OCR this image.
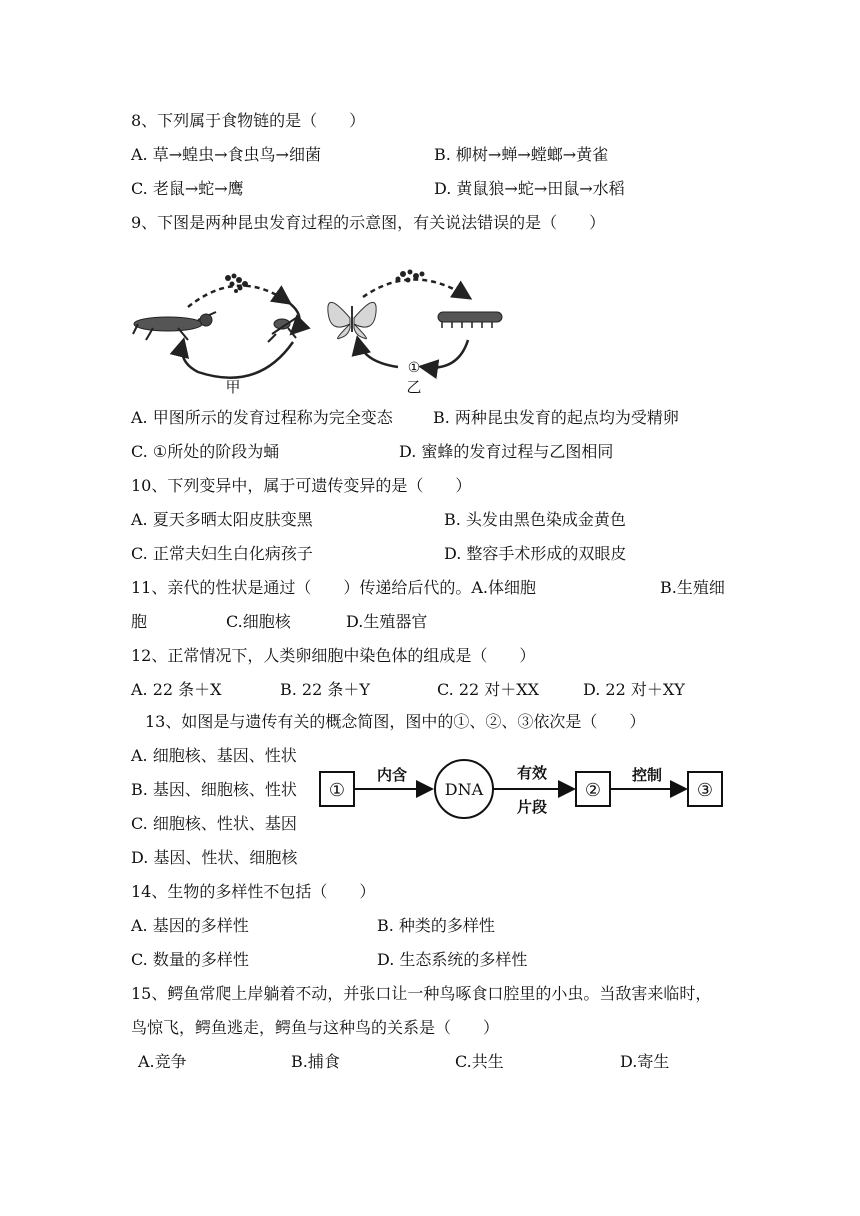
8、下列属于食物链的是（　　）
A. 草→蝗虫→食虫鸟→细菌	B. 柳树→蝉→螳螂→黄雀
C. 老鼠→蛇→鹰	D. 黄鼠狼→蛇→田鼠→水稻
9、下图是两种昆虫发育过程的示意图，有关说法错误的是（　　）
甲
①
乙
A. 甲图所示的发育过程称为完全变态	B. 两种昆虫发育的起点均为受精卵
C. ①所处的阶段为蛹	D. 蜜蜂的发育过程与乙图相同
10、下列变异中，属于可遗传变异的是（　　）
A. 夏天多晒太阳皮肤变黑	B. 头发由黑色染成金黄色
C. 正常夫妇生白化病孩子	D. 整容手术形成的双眼皮
11、亲代的性状是通过（　　）传递给后代的。A.体细胞	B.生殖细
胞	C.细胞核	D.生殖器官
12、正常情况下，人类卵细胞中染色体的组成是（　　）
A. 22 条＋X	B. 22 条＋Y	C. 22 对＋XX	D. 22 对＋XY
13、如图是与遗传有关的概念简图，图中的①、②、③依次是（　　）
A. 细胞核、基因、性状
B. 基因、细胞核、性状
C. 细胞核、性状、基因
D. 基因、性状、细胞核
①
内含
DNA
有效
片段
②
控制
③
14、生物的多样性不包括（　　）
A. 基因的多样性	B. 种类的多样性
C. 数量的多样性	D. 生态系统的多样性
15、鳄鱼常爬上岸躺着不动，并张口让一种鸟啄食口腔里的小虫。当敌害来临时，
鸟惊飞，鳄鱼逃走，鳄鱼与这种鸟的关系是（　　）
A.竞争	B.捕食	C.共生	D.寄生
